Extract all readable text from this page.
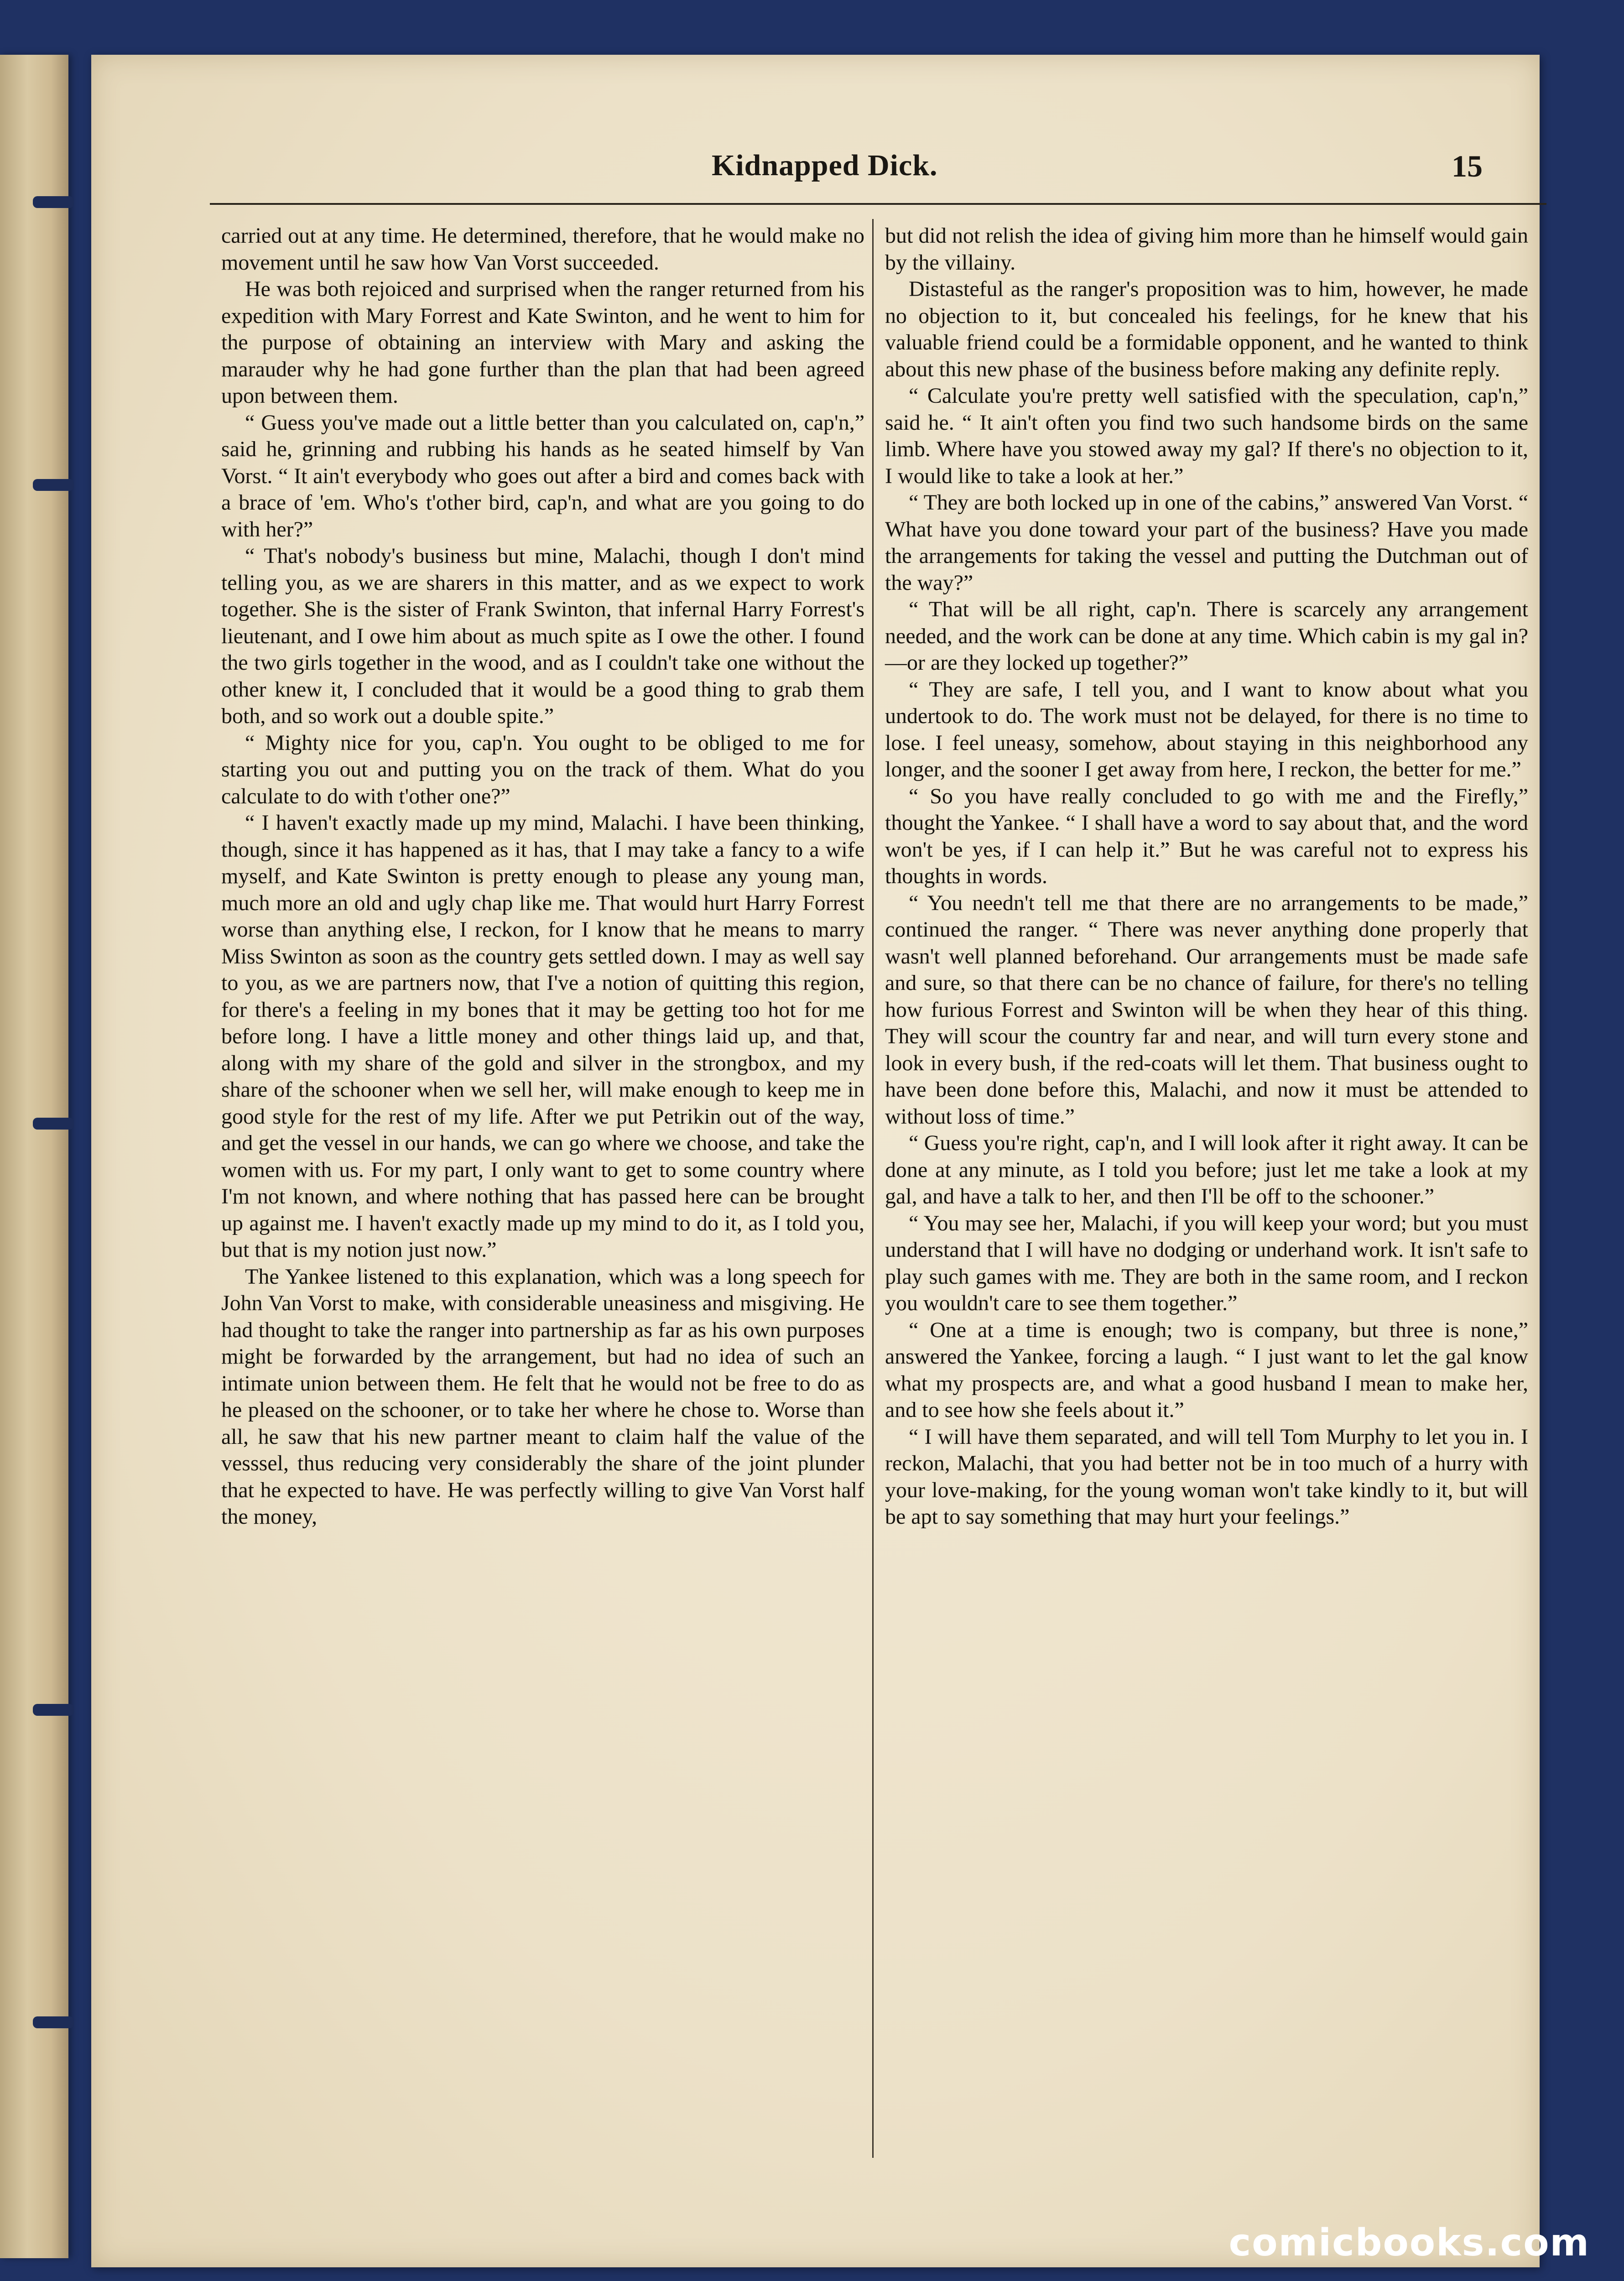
Kidnapped Dick.	15

carried out at any time. He determined, therefore, that he would make no movement until he saw how Van Vorst succeeded.

He was both rejoiced and surprised when the ranger returned from his expedition with Mary Forrest and Kate Swinton, and he went to him for the purpose of obtaining an interview with Mary and asking the marauder why he had gone further than the plan that had been agreed upon between them.

“ Guess you've made out a little better than you calculated on, cap'n,” said he, grinning and rubbing his hands as he seated himself by Van Vorst. “ It ain't everybody who goes out after a bird and comes back with a brace of 'em. Who's t'other bird, cap'n, and what are you going to do with her?”

“ That's nobody's business but mine, Malachi, though I don't mind telling you, as we are sharers in this matter, and as we expect to work together. She is the sister of Frank Swinton, that infernal Harry Forrest's lieutenant, and I owe him about as much spite as I owe the other. I found the two girls together in the wood, and as I couldn't take one without the other knew it, I concluded that it would be a good thing to grab them both, and so work out a double spite.”

“ Mighty nice for you, cap'n. You ought to be obliged to me for starting you out and putting you on the track of them. What do you calculate to do with t'other one?”

“ I haven't exactly made up my mind, Malachi. I have been thinking, though, since it has happened as it has, that I may take a fancy to a wife myself, and Kate Swinton is pretty enough to please any young man, much more an old and ugly chap like me. That would hurt Harry Forrest worse than anything else, I reckon, for I know that he means to marry Miss Swinton as soon as the country gets settled down. I may as well say to you, as we are partners now, that I've a notion of quitting this region, for there's a feeling in my bones that it may be getting too hot for me before long. I have a little money and other things laid up, and that, along with my share of the gold and silver in the strongbox, and my share of the schooner when we sell her, will make enough to keep me in good style for the rest of my life. After we put Petrikin out of the way, and get the vessel in our hands, we can go where we choose, and take the women with us. For my part, I only want to get to some country where I'm not known, and where nothing that has passed here can be brought up against me. I haven't exactly made up my mind to do it, as I told you, but that is my notion just now.”

The Yankee listened to this explanation, which was a long speech for John Van Vorst to make, with considerable uneasiness and misgiving. He had thought to take the ranger into partnership as far as his own purposes might be forwarded by the arrangement, but had no idea of such an intimate union between them. He felt that he would not be free to do as he pleased on the schooner, or to take her where he chose to. Worse than all, he saw that his new partner meant to claim half the value of the vesssel, thus reducing very considerably the share of the joint plunder that he expected to have. He was perfectly willing to give Van Vorst half the money,

but did not relish the idea of giving him more than he himself would gain by the villainy.

Distasteful as the ranger's proposition was to him, however, he made no objection to it, but concealed his feelings, for he knew that his valuable friend could be a formidable opponent, and he wanted to think about this new phase of the business before making any definite reply.

“ Calculate you're pretty well satisfied with the speculation, cap'n,” said he. “ It ain't often you find two such handsome birds on the same limb. Where have you stowed away my gal? If there's no objection to it, I would like to take a look at her.”

“ They are both locked up in one of the cabins,” answered Van Vorst. “ What have you done toward your part of the business? Have you made the arrangements for taking the vessel and putting the Dutchman out of the way?”

“ That will be all right, cap'n. There is scarcely any arrangement needed, and the work can be done at any time. Which cabin is my gal in? —or are they locked up together?”

“ They are safe, I tell you, and I want to know about what you undertook to do. The work must not be delayed, for there is no time to lose. I feel uneasy, somehow, about staying in this neighborhood any longer, and the sooner I get away from here, I reckon, the better for me.”

“ So you have really concluded to go with me and the Firefly,” thought the Yankee. “ I shall have a word to say about that, and the word won't be yes, if I can help it.” But he was careful not to express his thoughts in words.

“ You needn't tell me that there are no arrangements to be made,” continued the ranger. “ There was never anything done properly that wasn't well planned beforehand. Our arrangements must be made safe and sure, so that there can be no chance of failure, for there's no telling how furious Forrest and Swinton will be when they hear of this thing. They will scour the country far and near, and will turn every stone and look in every bush, if the red-coats will let them. That business ought to have been done before this, Malachi, and now it must be attended to without loss of time.”

“ Guess you're right, cap'n, and I will look after it right away. It can be done at any minute, as I told you before; just let me take a look at my gal, and have a talk to her, and then I'll be off to the schooner.”

“ You may see her, Malachi, if you will keep your word; but you must understand that I will have no dodging or underhand work. It isn't safe to play such games with me. They are both in the same room, and I reckon you wouldn't care to see them together.”

“ One at a time is enough; two is company, but three is none,” answered the Yankee, forcing a laugh. “ I just want to let the gal know what my prospects are, and what a good husband I mean to make her, and to see how she feels about it.”

“ I will have them separated, and will tell Tom Murphy to let you in. I reckon, Malachi, that you had better not be in too much of a hurry with your love-making, for the young woman won't take kindly to it, but will be apt to say something that may hurt your feelings.”

comicbooks.com
